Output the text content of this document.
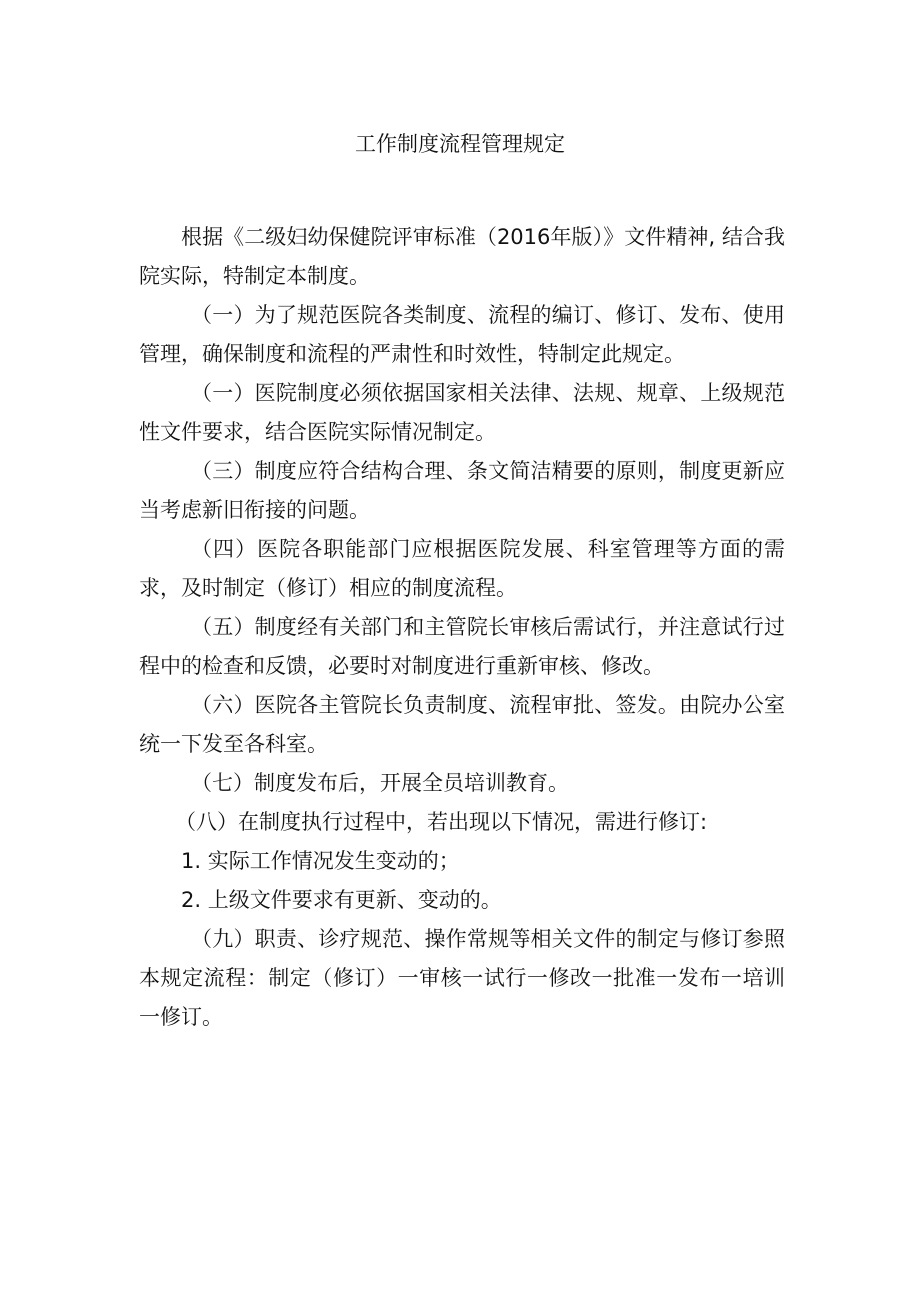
工作制度流程管理规定

根据《二级妇幼保健院评审标准（2016年版）》文件精神, 结合我院实际，特制定本制度。

（一）为了规范医院各类制度、流程的编订、修订、发布、使用管理，确保制度和流程的严肃性和时效性，特制定此规定。

（一）医院制度必须依据国家相关法律、法规、规章、上级规范性文件要求，结合医院实际情况制定。

（三）制度应符合结构合理、条文简洁精要的原则，制度更新应当考虑新旧衔接的问题。

（四）医院各职能部门应根据医院发展、科室管理等方面的需求，及时制定（修订）相应的制度流程。

（五）制度经有关部门和主管院长审核后需试行，并注意试行过程中的检查和反馈，必要时对制度进行重新审核、修改。

（六）医院各主管院长负责制度、流程审批、签发。由院办公室统一下发至各科室。

（七）制度发布后，开展全员培训教育。

（八）在制度执行过程中，若出现以下情况，需进行修订:

1. 实际工作情况发生变动的；

2. 上级文件要求有更新、变动的。

（九）职责、诊疗规范、操作常规等相关文件的制定与修订参照本规定流程：制定（修订）一审核一试行一修改一批准一发布一培训一修订。
